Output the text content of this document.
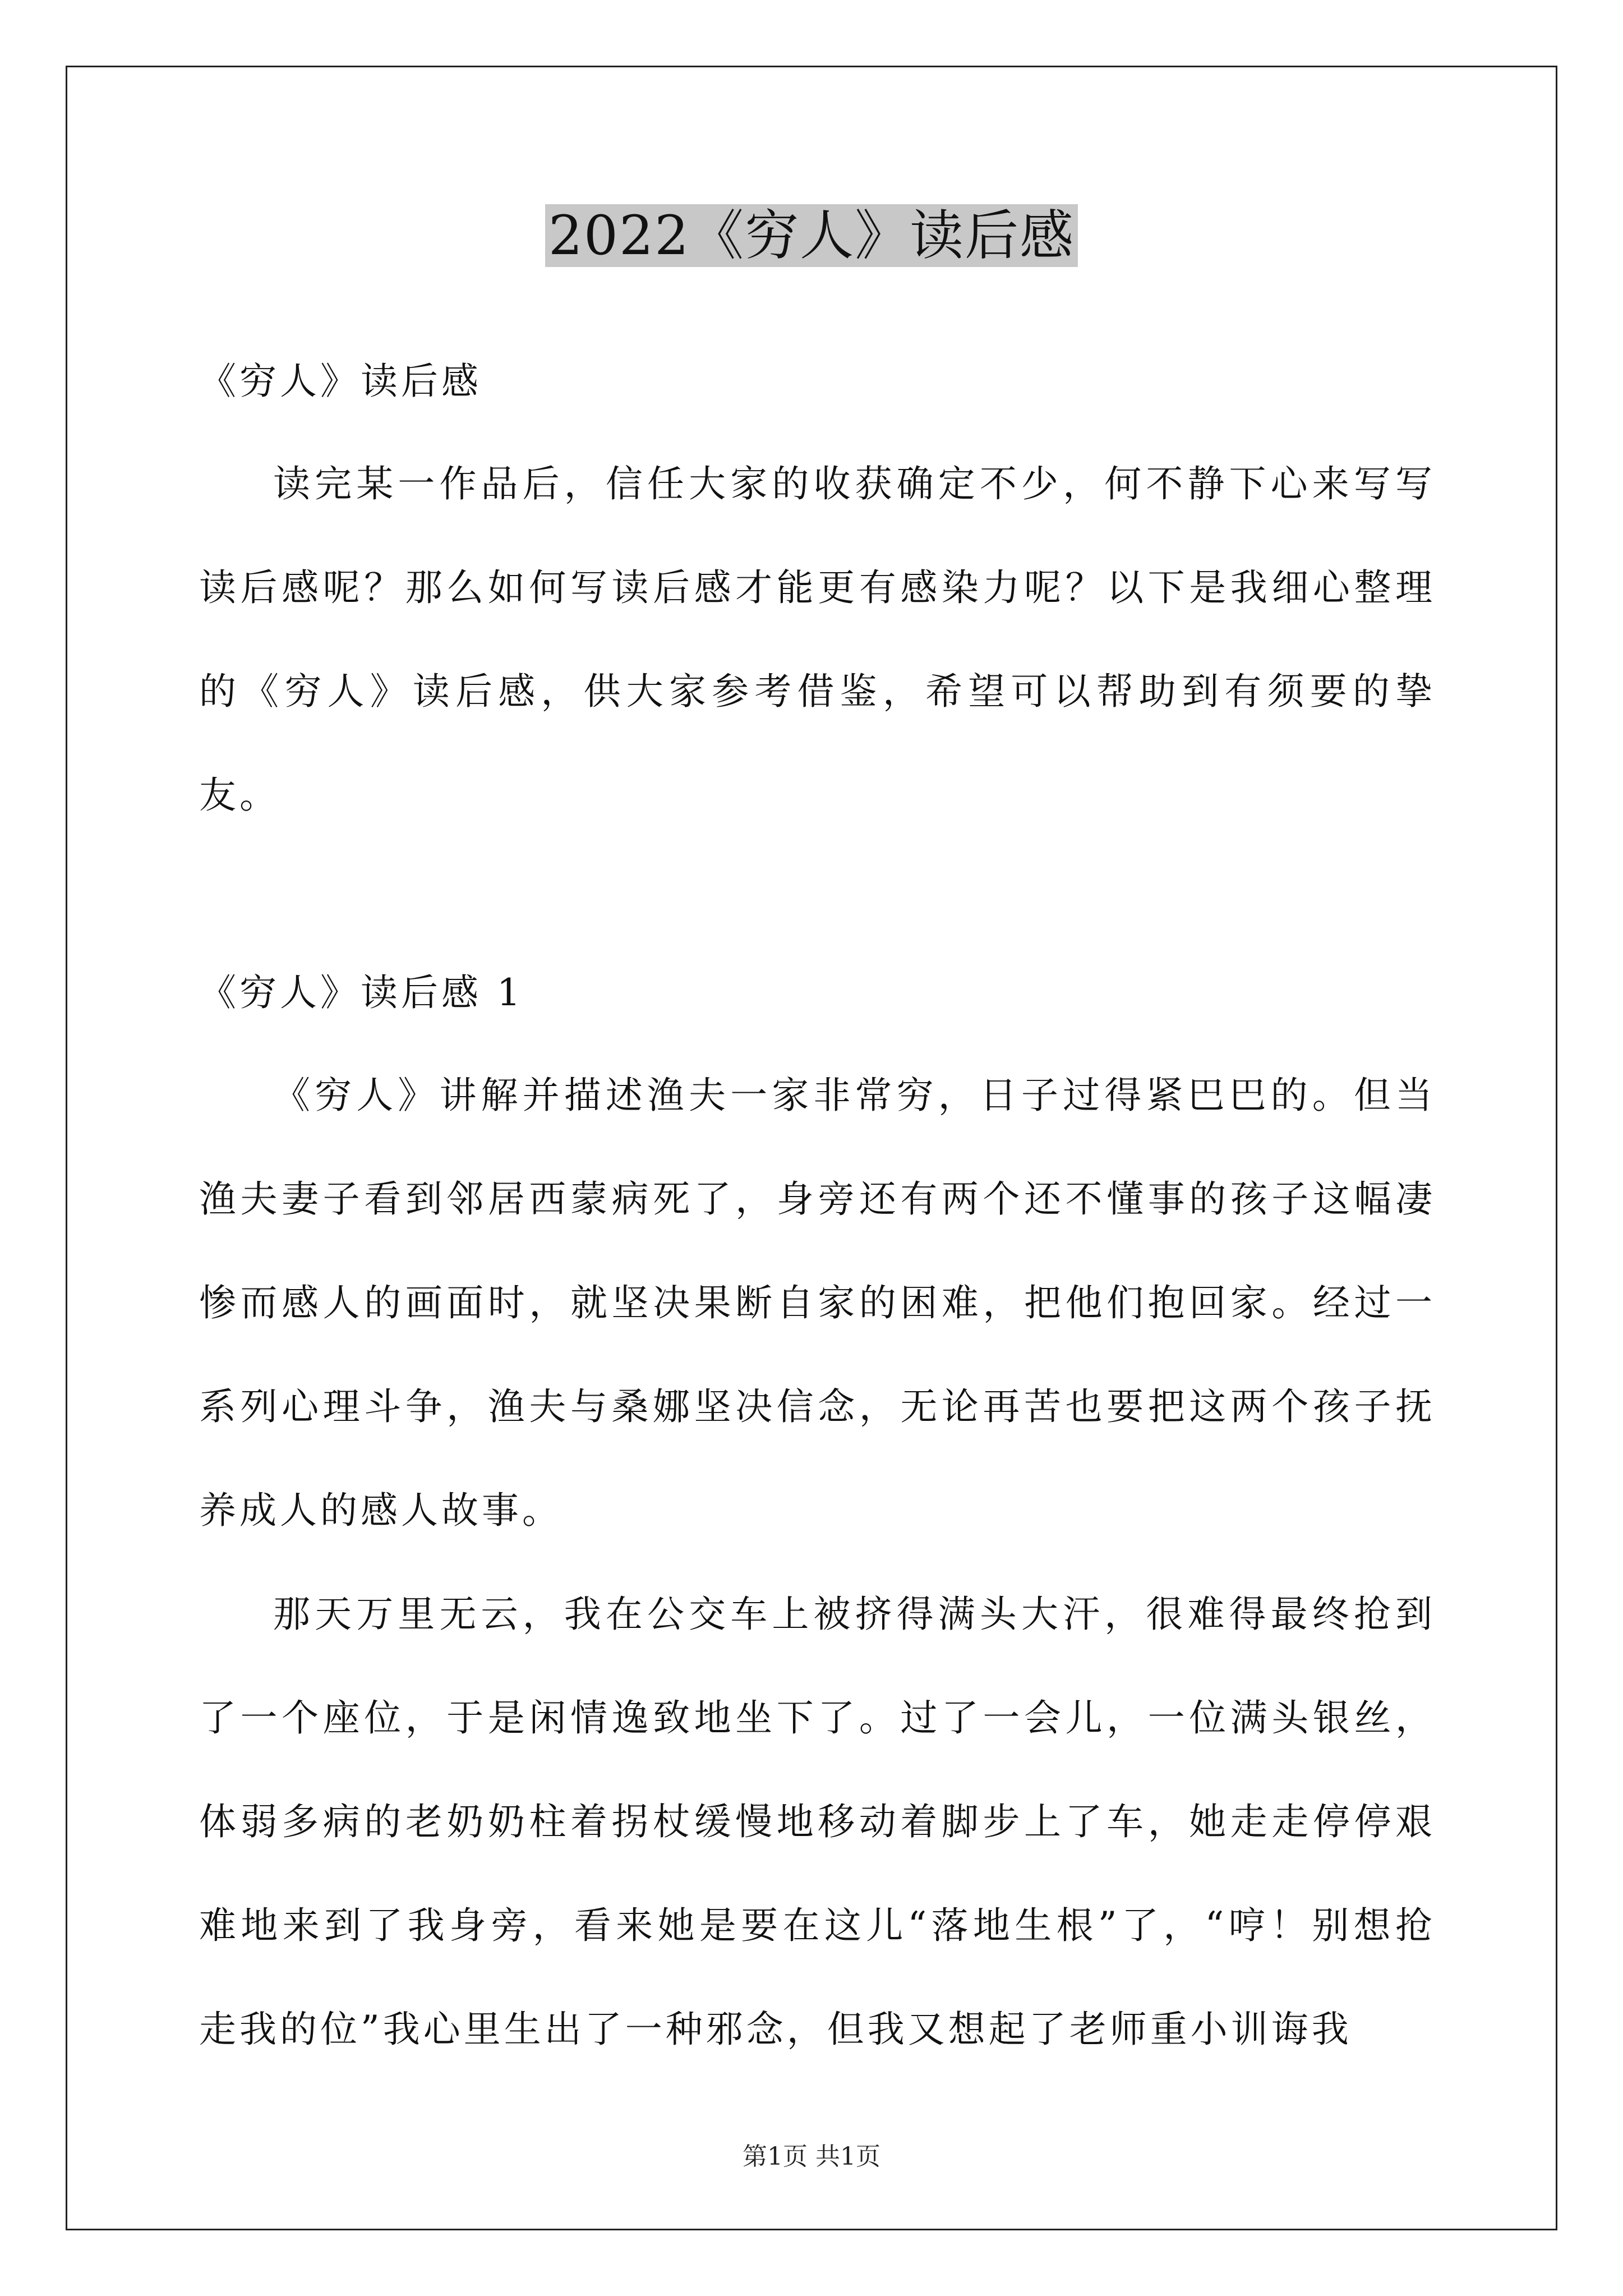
2022《穷人》读后感

《穷人》读后感

读完某一作品后，信任大家的收获确定不少，何不静下心来写写读后感呢？那么如何写读后感才能更有感染力呢？以下是我细心整理的《穷人》读后感，供大家参考借鉴，希望可以帮助到有须要的挚友。

《穷人》读后感 1

《穷人》讲解并描述渔夫一家非常穷，日子过得紧巴巴的。但当渔夫妻子看到邻居西蒙病死了，身旁还有两个还不懂事的孩子这幅凄惨而感人的画面时，就坚决果断自家的困难，把他们抱回家。经过一系列心理斗争，渔夫与桑娜坚决信念，无论再苦也要把这两个孩子抚养成人的感人故事。

那天万里无云，我在公交车上被挤得满头大汗，很难得最终抢到了一个座位，于是闲情逸致地坐下了。过了一会儿，一位满头银丝，体弱多病的老奶奶柱着拐杖缓慢地移动着脚步上了车，她走走停停艰难地来到了我身旁，看来她是要在这儿“落地生根”了，“哼！别想抢走我的位”我心里生出了一种邪念，但我又想起了老师重小训诲我

第1页 共1页
